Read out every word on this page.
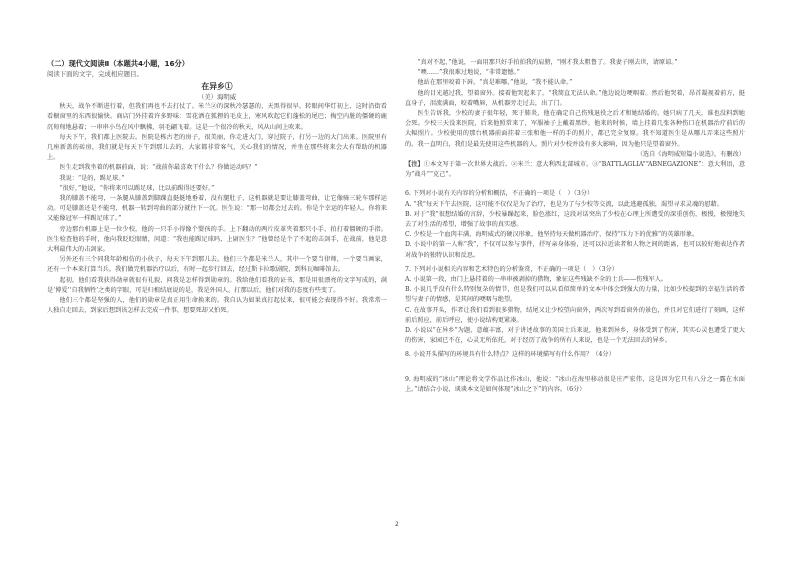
（二）现代文阅读Ⅱ（本题共4小题，16分）
阅读下面的文字，完成相应题目。
在异乡①
（美）海明威

秋天，战争不断进行着，但我们再也不去打仗了。米兰②的深秋冷瑟瑟的，天黑得很早。转眼间华灯初上，这时沿街看看橱窗里的东西很愉快。商店门外挂着许多野味：雪花洒在狐狸的毛皮上，寒风吹起它们蓬松的尾巴；掏空内脏的僵硬的鹿沉甸甸地悬着；一串串小鸟在风中飘拂，羽毛翩飞着。这是一个很冷的秋天，风从山间上吹来。

每天下午，我们都上医院去。医院是栋古老的房子，很美丽，你走进大门，穿过院子，打另一边的大门出来。医院里有几座新盖的砖房，我们就是每天下午到那儿去的，大家都非常客气，关心我们的情况，并坐在那些将来会大有帮助的机器上。

医生走到我坐着的机器前面，说：“战前你最喜欢干什么？你做运动吗？”

我说：“是的，踢足球。”

“很好，”他说，“你将来可以踢足球，比以前踢得还要好。”

我的膝盖不能弯，一条腿从膝盖到脚踝直挺挺地垂着，没有腿肚子，这机器就是要让膝盖弯曲，让它像骑三轮车那样运动。可是膝盖还是不能弯，机器一转到弯曲的部分就往下一沉。医生说：“那一切都会过去的。你是个幸运的年轻人。你将来又能像冠军一样踢足球了。”

旁边那台机器上是一位少校，他的一只手小得像个婴孩的手。上下翻动的两片皮革夹着那只小手，拍打着僵硬的手指。医生检查他的手时，他向我眨眨眼睛，问道：“我也能踢足球吗，上尉医生？”他曾经是个了不起的击剑手，在战前，他是意大利最伟大的击剑家。

另外还有三个同我年龄相仿的小伙子，每天下午到那儿去。他们三个都是米兰人，其中一个要当律师，一个要当画家，还有一个本来打算当兵。我们做完机器治疗以后，有时一起步行回去，经过斯卡拉歌剧院，到科瓦咖啡馆去。

起初，他们看我获得勋章就很有礼貌，问我是怎样得到勋章的。我给他们看我的证书，那是用很漂亮的文字写成的，满是‘博爱’‘自我牺牲’之类的字眼，可是归根结底说的是，我是外国人。打那以后，他们对我的态度有些变了。

他们三个都是坚强的人，他们的勋章是真正用生命换来的。我自认为如果真打起仗来，很可能会表现得不好。我常常一人独自走回去，到家后想到该怎样去完成一件事，想要死却又怕死。

“真对不起，”他说，一面用那只好手拍拍我的肩膀，“刚才我太粗鲁了。我妻子刚去世，请原谅。”

“噢……”我很难过地说，“非常遗憾。”

他站在那里咬着下唇。“真是难哪，”他说，“我不能认命。”

他的目光越过我，望着窗外。接着他哭起来了。“我简直无法认命。”他边说边哽咽着。然后他哭着，昂首凝视着前方，挺直身子，泪流满面，咬着嘴唇，从机器旁走过去，出了门。

医生告诉我，少校的妻子很年轻，死于肺炎，他在确定自己伤残退役之后才和她结婚的。她只病了几天，谁也没料到她会死。少校三天没来医院，后来他照常来了，军服袖子上戴着黑纱。他来的时候，墙上挂着几张各种伤口在机器治疗前后的大幅照片。少校使用的那台机器前面挂着三张和他一样的手的照片，都已完全复原。我不知道医生是从哪儿弄来这些照片的。我一直明白，我们是最先使用这些机器的人。照片对少校并没有多大影响，因为他只是望着窗外。

（选自《海明威短篇小说选》，有删改）

【注】①本文写于第一次世界大战后。②米兰：意大利西北部城市。③“BATTLAGLIA”“ABNEGAZIONE”：意大利语，意为“战斗”“克己”。

6. 下列对小说有关内容的分析和概括，不正确的一项是（　）（3分）

A. “我”每天下午去医院，这可能不仅仅是为了治疗，也是为了与少校等交流，以此逃避孤独，渴望寻求灵魂的慰藉。

B. 对于“我”很想结婚的言辞，少校暴躁起来，脸色涨红，这段对话突出了少校在心理上所遭受的深重创伤，极慢，极慢地失去了对生活的希望，增强了故事的真实感。

C. 少校是一个血肉丰满、海明威式的硬汉形象，他坚持每天做机器治疗，保持“压力下的优雅”的英雄形象。

D. 小说中的第一人称“我”，不仅可以参与事件，抒写亲身体验，还可以拉近读者和人物之间的距离，也可以较好地表达作者对战争的独特认识和反思。

7. 下列对小说相关内容和艺术特色的分析鉴赏，不正确的一项是（　）（3分）

A. 小说第一段，由门上悬挂着的一串串被剥掉的猎物，象征这些残缺不全的士兵——伤残军人。

B. 小说几乎没有什么特别复杂的情节，但是我们可以从看似简单的文本中体会到强大的力量，比如少校提到的幸福生活的希望与妻子的情感，是其间的哽咽与绝望。

C. 在故事开头，作者让我们看到很多猎物，结尾又让少校望向窗外，两次写到看窗外的景色，并且对它们进行了刻画，这样前后照应，前后呼应，使小说结构更紧凑。

D. 小说以“在异乡”为题，意蕴丰富，对于讲述故事的美国士兵来说，他来到异乡，身体受到了伤害，其实心灵也遭受了更大的伤害，家园已不在，心灵无所依托，对于经历了战争的所有人来说，也是一个无法回去的异乡。

8. 小说开头描写的环境具有什么特点？这样的环境描写有什么作用？（4分）

9. 海明威的“冰山”理论将文学作品比作冰山，他说：“冰山在海里移动很是庄严宏伟，这是因为它只有八分之一露在水面上。”请结合小说，谈谈本文是如何体现“冰山之下”的内容。（6分）

2
